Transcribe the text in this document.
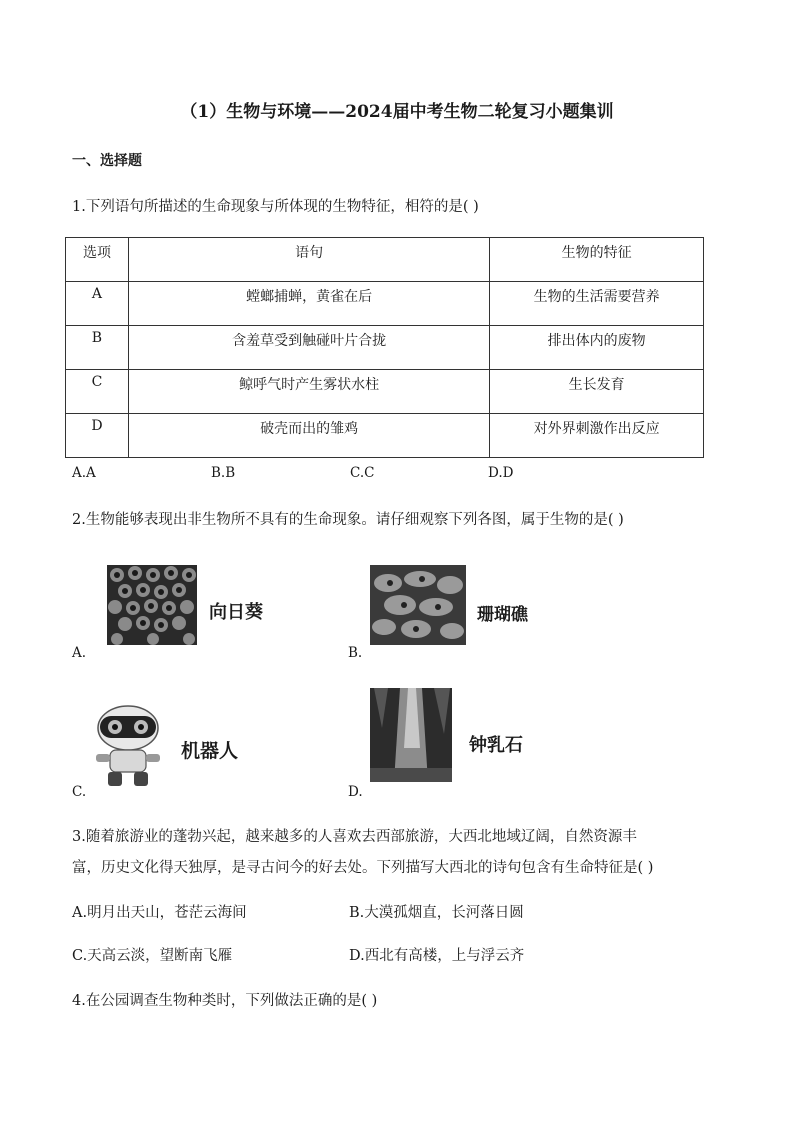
（1）生物与环境——2024届中考生物二轮复习小题集训
一、选择题
1.下列语句所描述的生命现象与所体现的生物特征，相符的是( )
选项	语句	生物的特征
A	螳螂捕蝉，黄雀在后	生物的生活需要营养
B	含羞草受到触碰叶片合拢	排出体内的废物
C	鲸呼气时产生雾状水柱	生长发育
D	破壳而出的雏鸡	对外界刺激作出反应
A.A	B.B	C.C	D.D
2.生物能够表现出非生物所不具有的生命现象。请仔细观察下列各图，属于生物的是( )
向日葵
A.
珊瑚礁
B.
机器人
C.
钟乳石
D.
3.随着旅游业的蓬勃兴起，越来越多的人喜欢去西部旅游，大西北地域辽阔，自然资源丰
富，历史文化得天独厚，是寻古问今的好去处。下列描写大西北的诗句包含有生命特征是( )
A.明月出天山，苍茫云海间	B.大漠孤烟直，长河落日圆
C.天高云淡，望断南飞雁	D.西北有高楼，上与浮云齐
4.在公园调查生物种类时，下列做法正确的是( )
